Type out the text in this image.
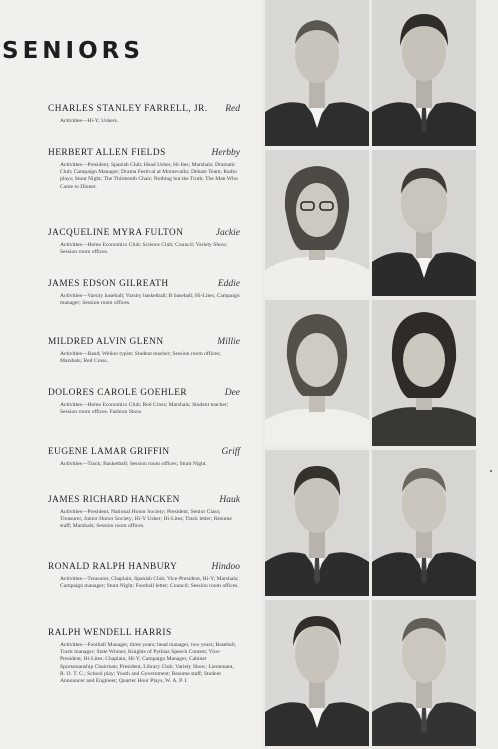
SENIORS
CHARLES STANLEY FARRELL, JR. Red
Activities—Hi-Y; Ushers.
HERBERT ALLEN FIELDS	Herbby
Activities—President, Spanish Club; Head Usher, Hi-Ites; Marshals; Dramatic Club; Campaign Manager; Drama Festival at Montevallo; Debate Team; Radio plays; Stunt Night; The Thirteenth Chair; Nothing but the Truth; The Man Who Came to Dinner.
JACQUELINE MYRA FULTON	Jackie
Activities—Home Economics Club; Science Club; Council; Variety Show; Session room offices.
JAMES EDSON GILREATH	Eddie
Activities—Varsity baseball; Varsity basketball; B baseball; Hi-Lites; Campaign manager; Session room offices.
MILDRED ALVIN GLENN	Millie
Activities—Band; Welion typist; Student teacher; Session room offices; Marshals; Red Cross.
DOLORES CAROLE GOEHLER	Dee
Activities—Home Economics Club; Red Cross; Marshals; Student teacher; Session room offices. Fashion Show.
EUGENE LAMAR GRIFFIN	Griff
Activities—Track; Basketball; Session room offices; Stunt Night.
JAMES RICHARD HANCKEN	Hauk
Activities—President, National Honor Society; President, Senior Class; Treasurer, Junior Honor Society; Hi-Y Usher; Hi-Lites; Track letter; Resume staff; Marshals; Session room offices.
RONALD RALPH HANBURY	Hindoo
Activities—Treasurer, Chaplain, Spanish Club; Vice-President, Hi-Y; Marshals; Campaign manager; Stunt Night; Football letter; Council; Session room offices.
RALPH WENDELL HARRIS
Activities—Football Manager, three years; head manager, two years; Baseball, Track manager; State Winner, Knights of Pythias Speech Contest; Vice-President, Hi-Lites; Chaplain, Hi-Y; Campaign Manager, Cabinet Sportsmanship Chairman; President, Library Club; Variety Show; Lieutenant, R. O. T. C.; School play; Youth and Government; Resume staff; Student Announcer and Engineer; Quarter Hour Plays, W. A. P. I.
